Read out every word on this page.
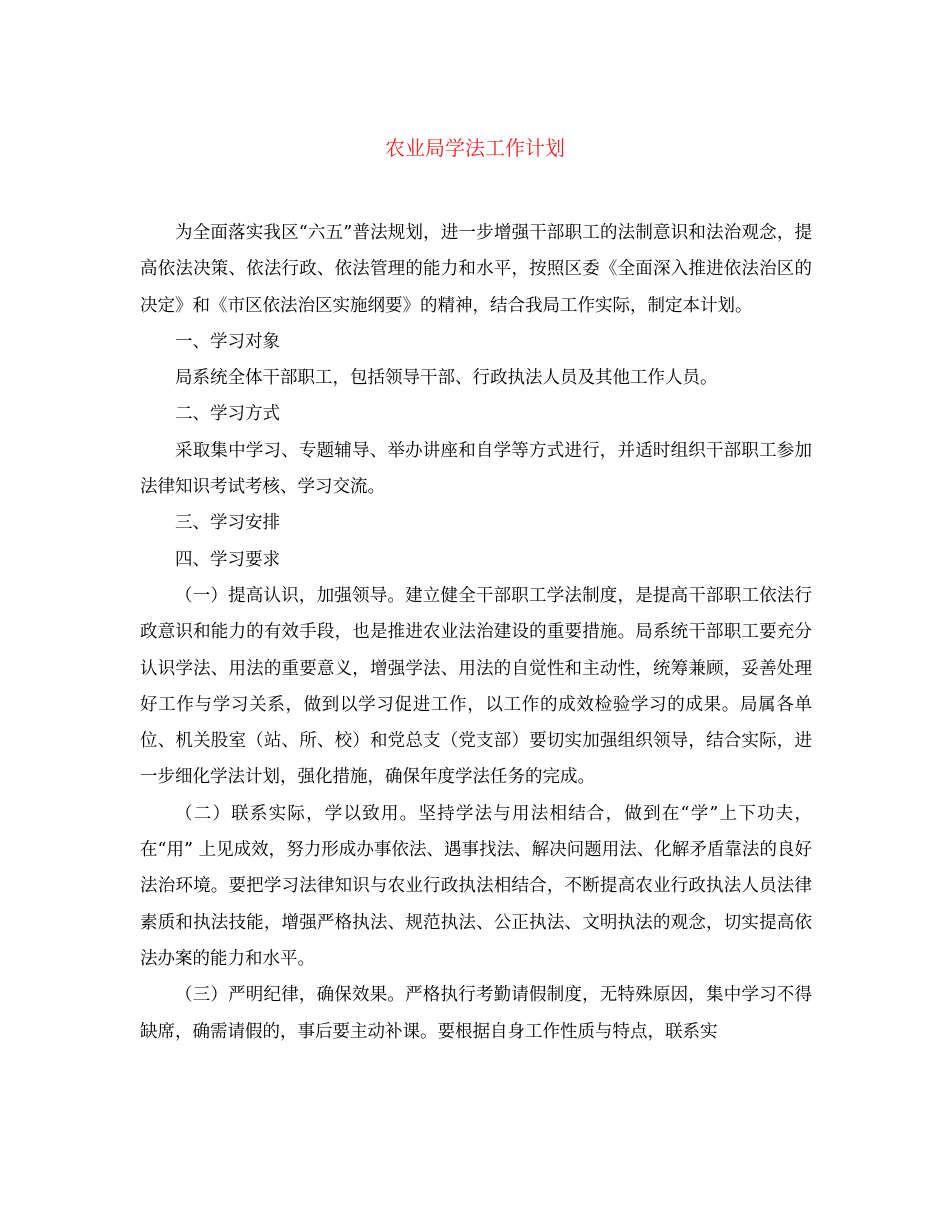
农业局学法工作计划

为全面落实我区“六五”普法规划，进一步增强干部职工的法制意识和法治观念，提高依法决策、依法行政、依法管理的能力和水平，按照区委《全面深入推进依法治区的决定》和《市区依法治区实施纲要》的精神，结合我局工作实际，制定本计划。

一、学习对象

局系统全体干部职工，包括领导干部、行政执法人员及其他工作人员。

二、学习方式

采取集中学习、专题辅导、举办讲座和自学等方式进行，并适时组织干部职工参加法律知识考试考核、学习交流。

三、学习安排

四、学习要求

（一）提高认识，加强领导。建立健全干部职工学法制度，是提高干部职工依法行政意识和能力的有效手段，也是推进农业法治建设的重要措施。局系统干部职工要充分认识学法、用法的重要意义，增强学法、用法的自觉性和主动性，统筹兼顾，妥善处理好工作与学习关系，做到以学习促进工作，以工作的成效检验学习的成果。局属各单位、机关股室（站、所、校）和党总支（党支部）要切实加强组织领导，结合实际，进一步细化学法计划，强化措施，确保年度学法任务的完成。

（二）联系实际，学以致用。坚持学法与用法相结合，做到在“学”上下功夫，在“用” 上见成效，努力形成办事依法、遇事找法、解决问题用法、化解矛盾靠法的良好法治环境。要把学习法律知识与农业行政执法相结合，不断提高农业行政执法人员法律素质和执法技能，增强严格执法、规范执法、公正执法、文明执法的观念，切实提高依法办案的能力和水平。

（三）严明纪律，确保效果。严格执行考勤请假制度，无特殊原因，集中学习不得缺席，确需请假的，事后要主动补课。要根据自身工作性质与特点，联系实
